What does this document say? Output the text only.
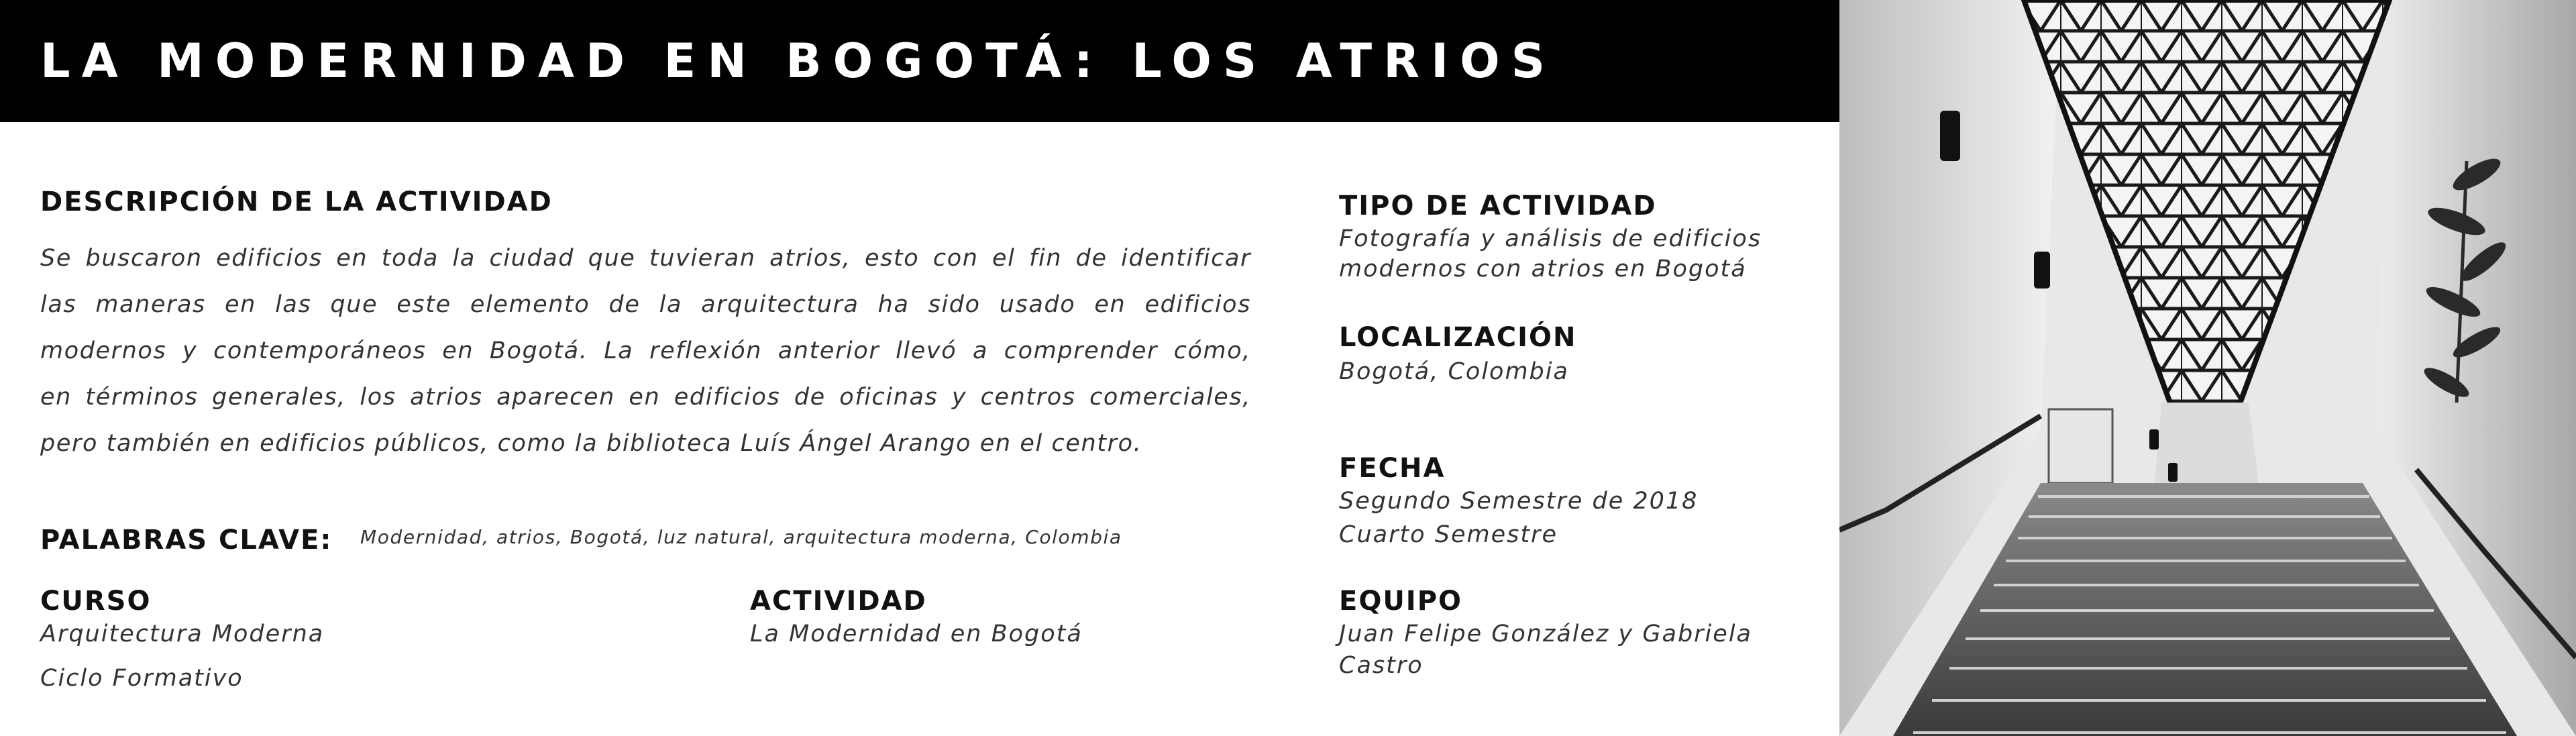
LA MODERNIDAD EN BOGOTÁ: LOS ATRIOS
DESCRIPCIÓN DE LA ACTIVIDAD
Se buscaron edificios en toda la ciudad que tuvieran atrios, esto con el fin de identificar
las maneras en las que este elemento de la arquitectura ha sido usado en edificios
modernos y contemporáneos en Bogotá. La reflexión anterior llevó a comprender cómo,
en términos generales, los atrios aparecen en edificios de oficinas y centros comerciales,
pero también en edificios públicos, como la biblioteca Luís Ángel Arango en el centro.
PALABRAS CLAVE: Modernidad, atrios, Bogotá, luz natural, arquitectura moderna, Colombia
CURSO
Arquitectura Moderna
Ciclo Formativo
ACTIVIDAD
La Modernidad en Bogotá
TIPO DE ACTIVIDAD
Fotografía y análisis de edificios
modernos con atrios en Bogotá
LOCALIZACIÓN
Bogotá, Colombia
FECHA
Segundo Semestre de 2018
Cuarto Semestre
EQUIPO
Juan Felipe González y Gabriela
Castro
